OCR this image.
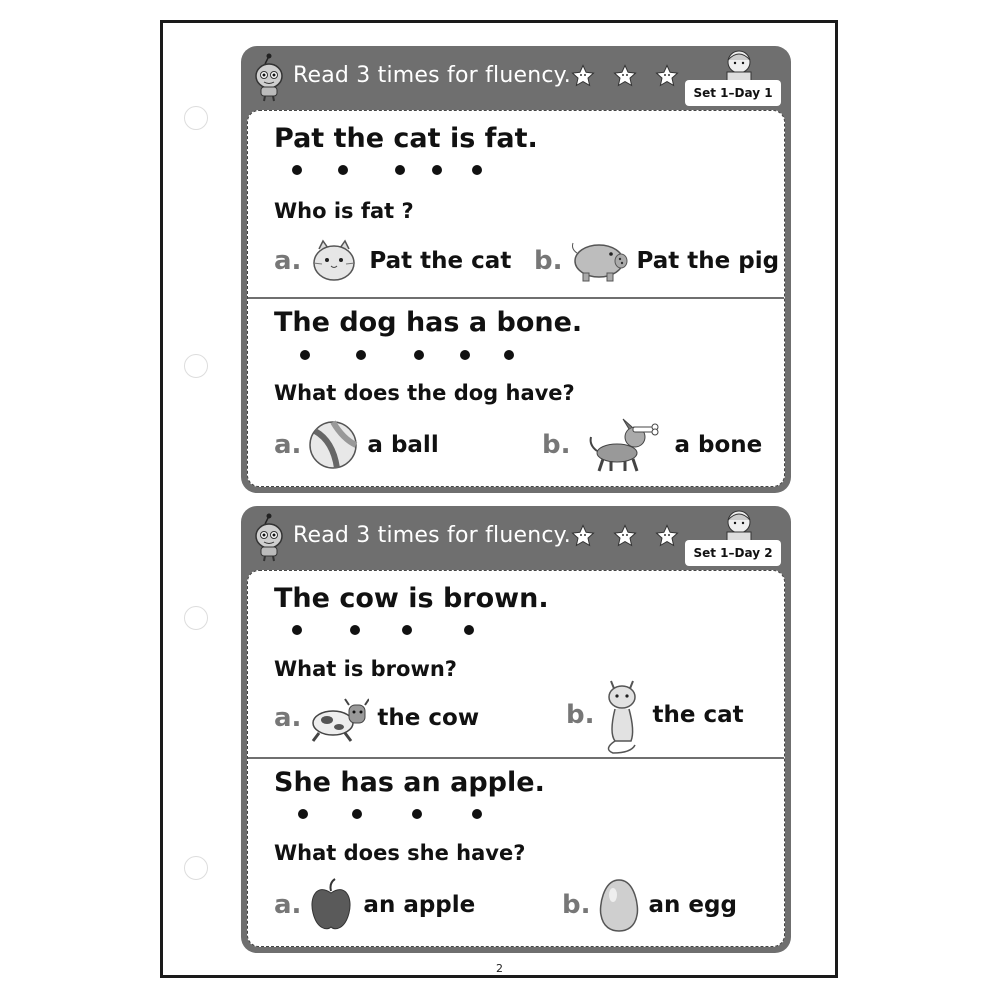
Read 3 times for fluency.
Set 1–Day 1
Pat the cat is fat.
Who is fat ?
a.	Pat the cat b.	Pat the pig
The dog has a bone.
What does the dog have?
a.	a ball	b.	a bone
Read 3 times for fluency.
Set 1–Day 2
The cow is brown.
What is brown?
a.	the cow	b.	the cat
She has an apple.
What does she have?
a.	an apple	b.	an egg
2
